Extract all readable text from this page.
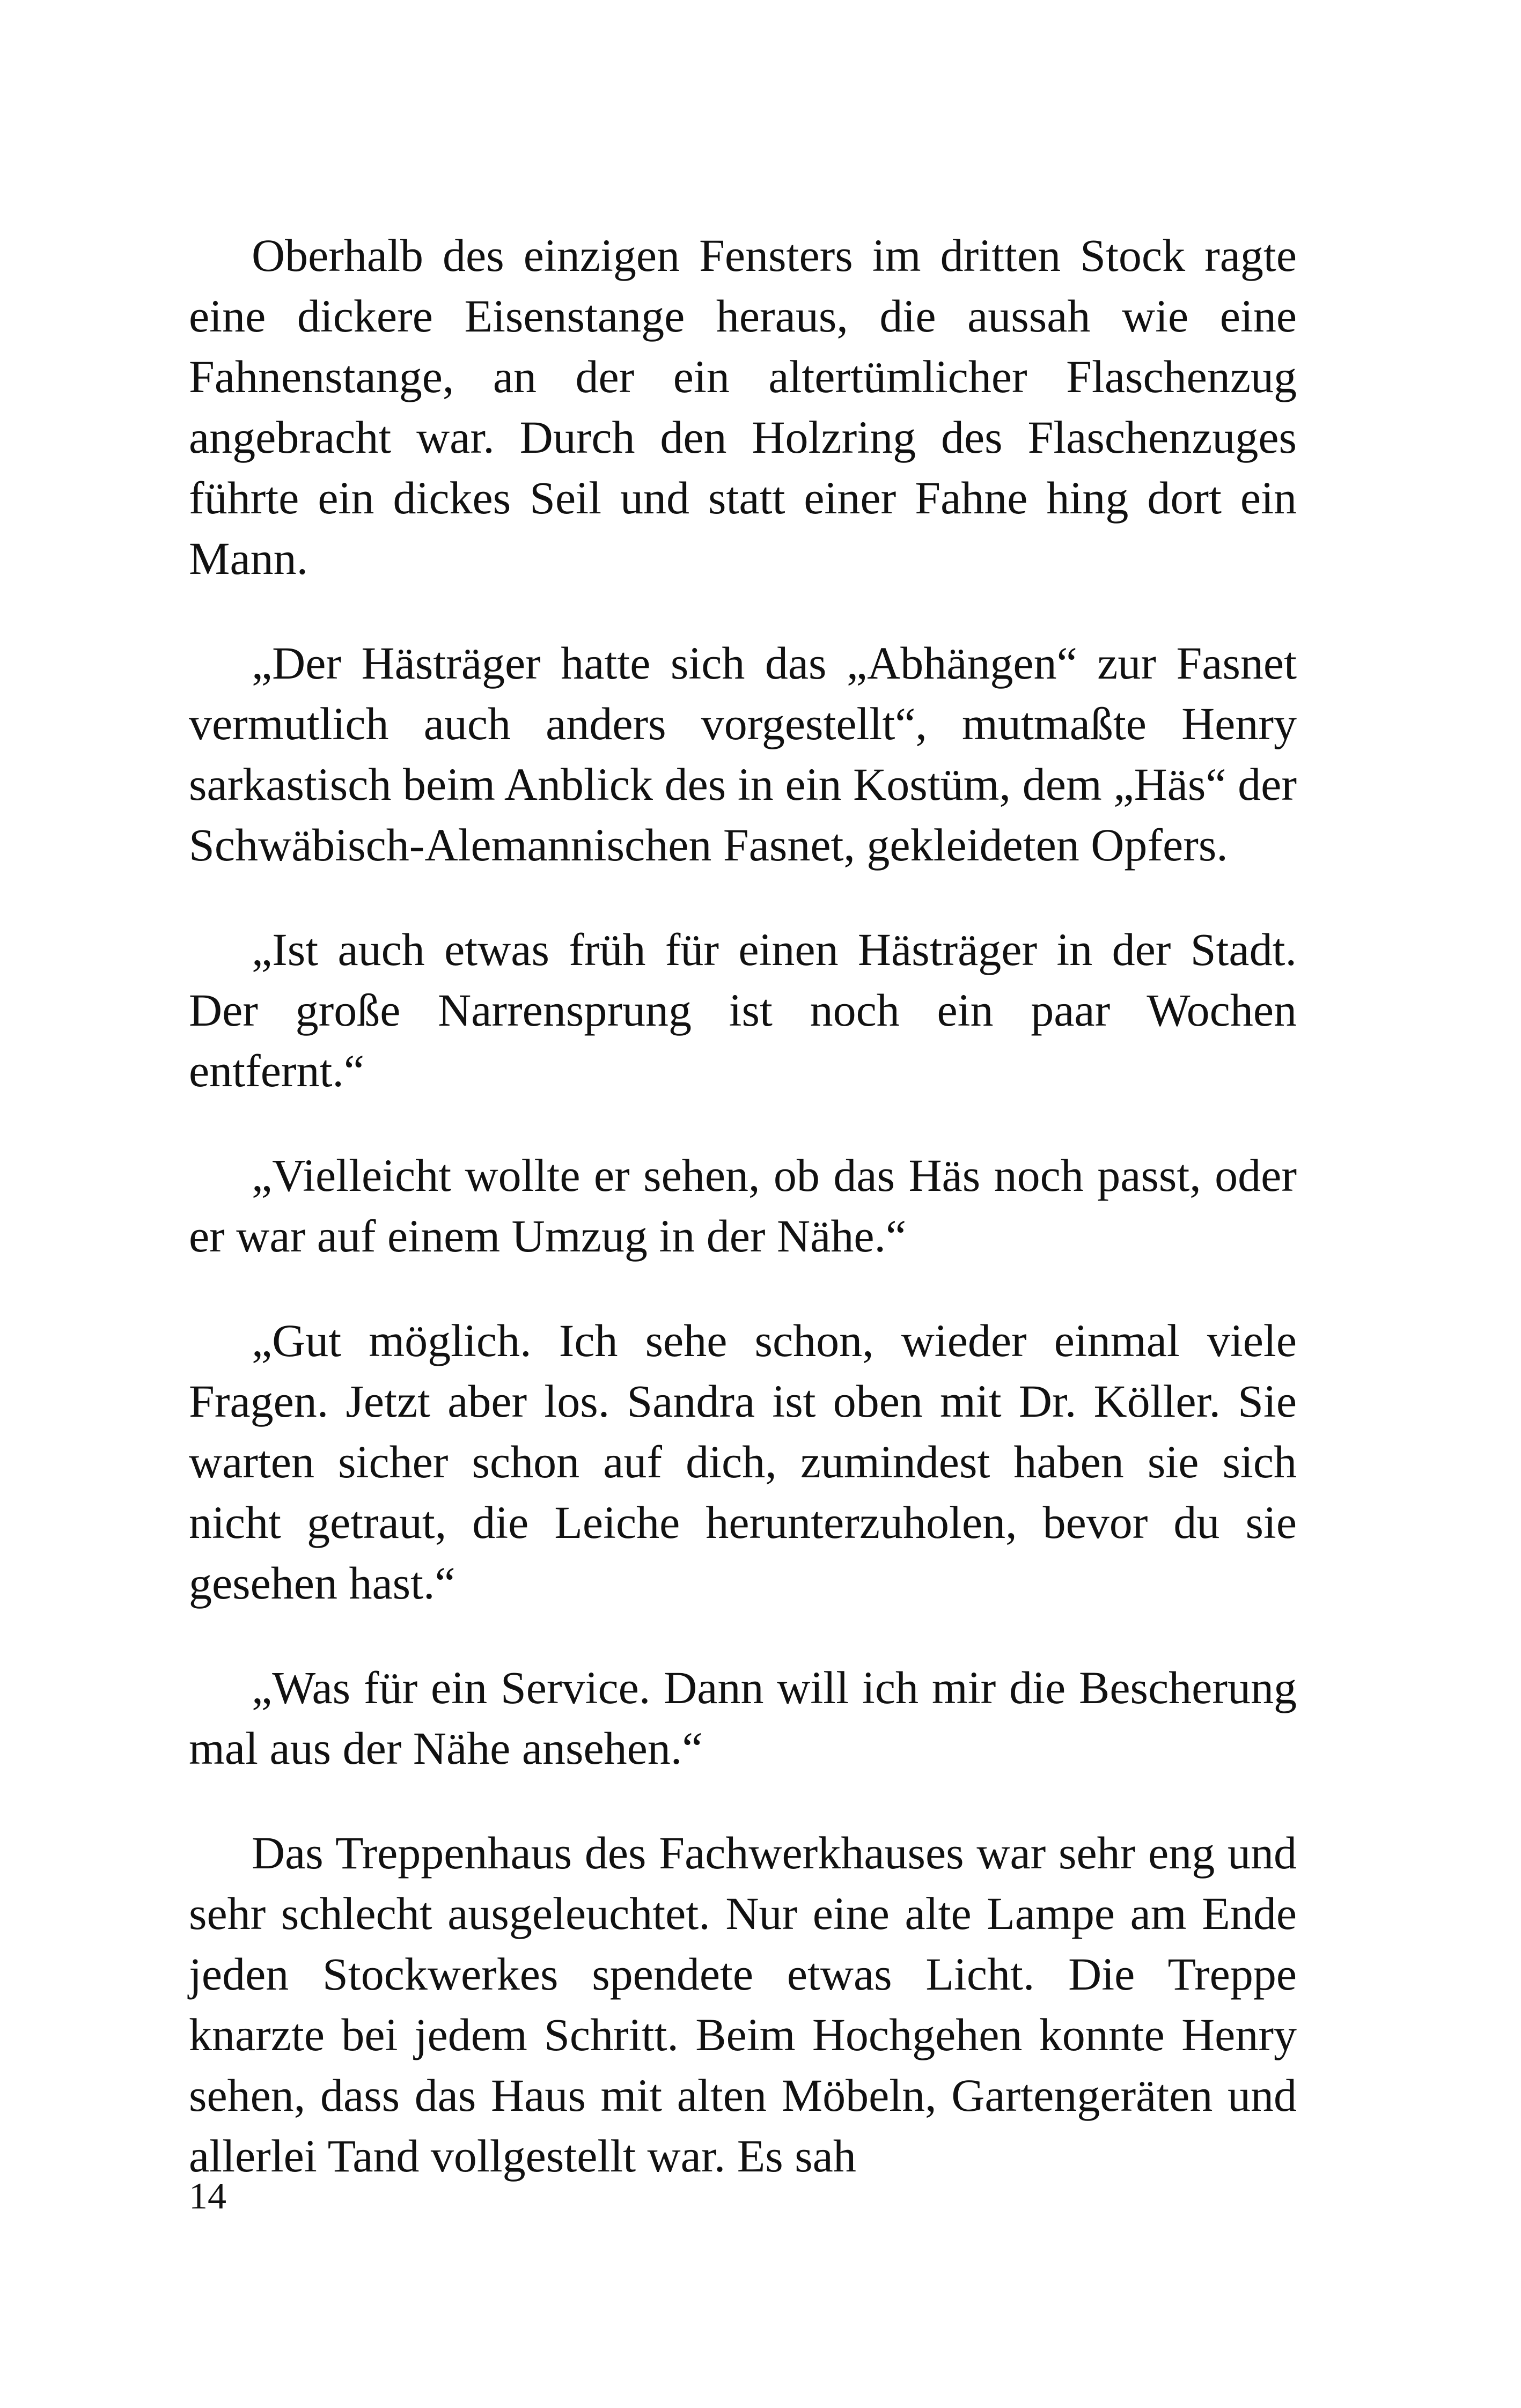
Oberhalb des einzigen Fensters im dritten Stock ragte eine dickere Eisenstange heraus, die aussah wie eine Fahnenstange, an der ein altertümlicher Flaschenzug angebracht war. Durch den Holzring des Flaschenzuges führte ein dickes Seil und statt einer Fahne hing dort ein Mann.

„Der Hästräger hatte sich das „Abhängen“ zur Fasnet vermutlich auch anders vorgestellt“, mutmaßte Henry sarkastisch beim Anblick des in ein Kostüm, dem „Häs“ der Schwäbisch-Alemannischen Fasnet, gekleideten Opfers.

„Ist auch etwas früh für einen Hästräger in der Stadt. Der große Narrensprung ist noch ein paar Wochen entfernt.“

„Vielleicht wollte er sehen, ob das Häs noch passt, oder er war auf einem Umzug in der Nähe.“

„Gut möglich. Ich sehe schon, wieder einmal viele Fragen. Jetzt aber los. Sandra ist oben mit Dr. Köller. Sie warten sicher schon auf dich, zumindest haben sie sich nicht getraut, die Leiche herunterzuholen, bevor du sie gesehen hast.“

„Was für ein Service. Dann will ich mir die Bescherung mal aus der Nähe ansehen.“

Das Treppenhaus des Fachwerkhauses war sehr eng und sehr schlecht ausgeleuchtet. Nur eine alte Lampe am Ende jeden Stockwerkes spendete etwas Licht. Die Treppe knarzte bei jedem Schritt. Beim Hochgehen konnte Henry sehen, dass das Haus mit alten Möbeln, Gartengeräten und allerlei Tand vollgestellt war. Es sah

14
